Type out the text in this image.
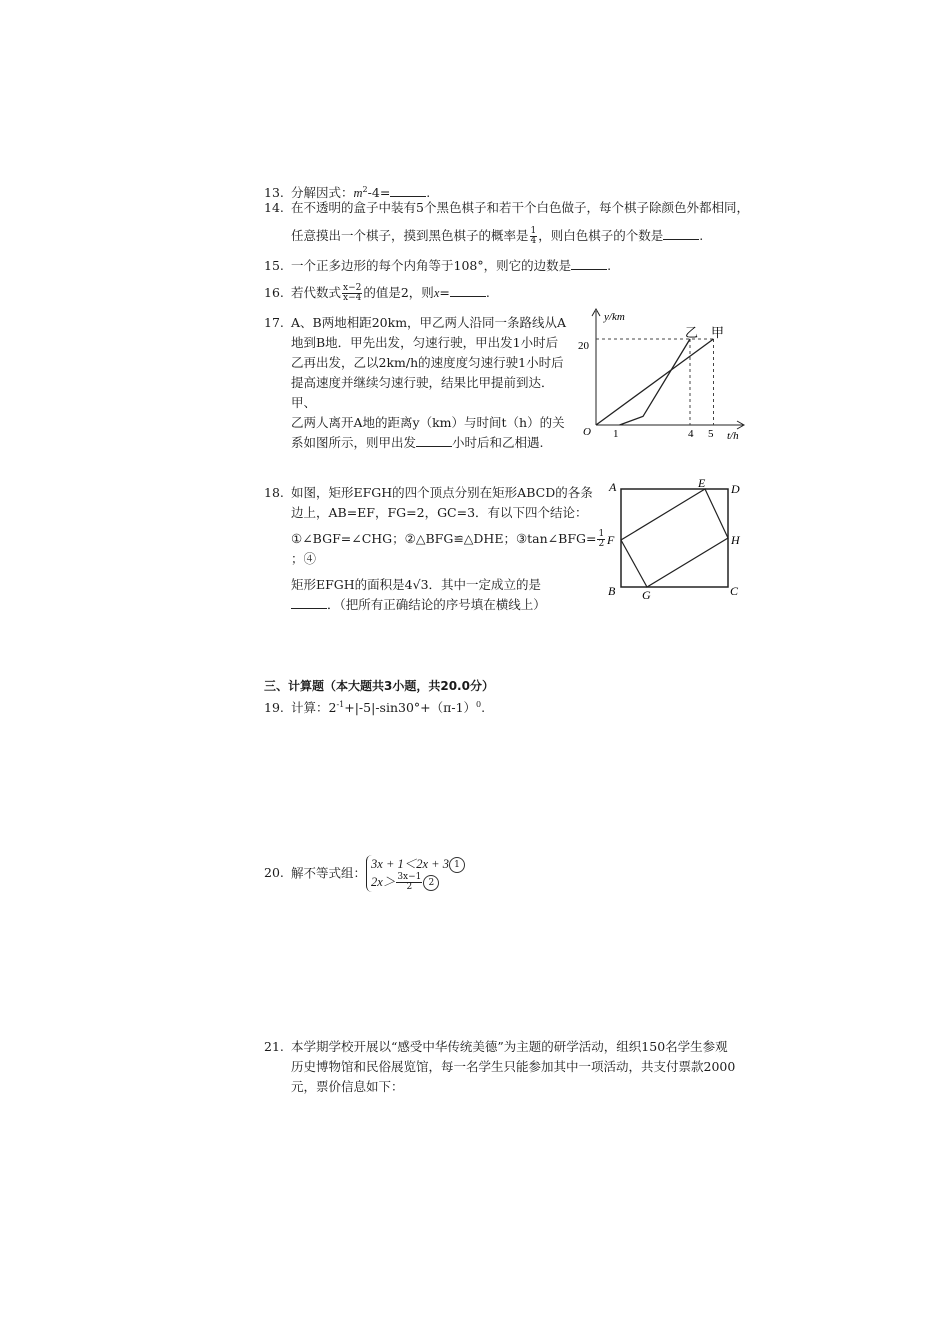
13. 分解因式：$m^2-4=$	.
14. 在不透明的盒子中装有5个黑色棋子和若干个白色做子，每个棋子除颜色外都相同，
任意摸出一个棋子，摸到黑色棋子的概率是 $\frac{1}{4}$ ，则白色棋子的个数是	.
15. 一个正多边形的每个内角等于108°，则它的边数是	.
16. 若代数式 $\frac{x-2}{x-4}$ 的值是2，则x=	.
17. A、B两地相距20km，甲乙两人沿同一条路线从A
地到B地．甲先出发，匀速行驶，甲出发1小时后
乙再出发，乙以2km/h的速度度匀速行驶1小时后
提高速度并继续匀速行驶，结果比甲提前到达．甲、
乙两人离开A地的距离y（km）与时间t（h）的关
系如图所示，则甲出发	小时后和乙相遇.
y/km
t/h
O
20
1	4 5
乙 甲
18. 如图，矩形EFGH的四个顶点分别在矩形ABCD的各条
边上，AB=EF，FG=2，GC=3．有以下四个结论：
①∠BGF=∠CHG；②△BFG≌△DHE；③tan∠BFG= $\frac{1}{2}$
；④
矩形EFGH的面积是4√3．其中一定成立的是
．（把所有正确结论的序号填在横线上）
A	D
E
F	H
B G	C
三、计算题（本大题共3小题，共20.0分）
19. 计算：$2^{-1}+|-5|-\sin 30^\circ+(\pi-1)^0$.
20. 解不等式组：
3x + 1＜2x + 3 1
$2x> \frac{3x-1}{2} 2$
21. 本学期学校开展以“感受中华传统美德”为主题的研学活动，组织150名学生参观
历史博物馆和民俗展览馆，每一名学生只能参加其中一项活动，共支付票款2000
元，票价信息如下：
